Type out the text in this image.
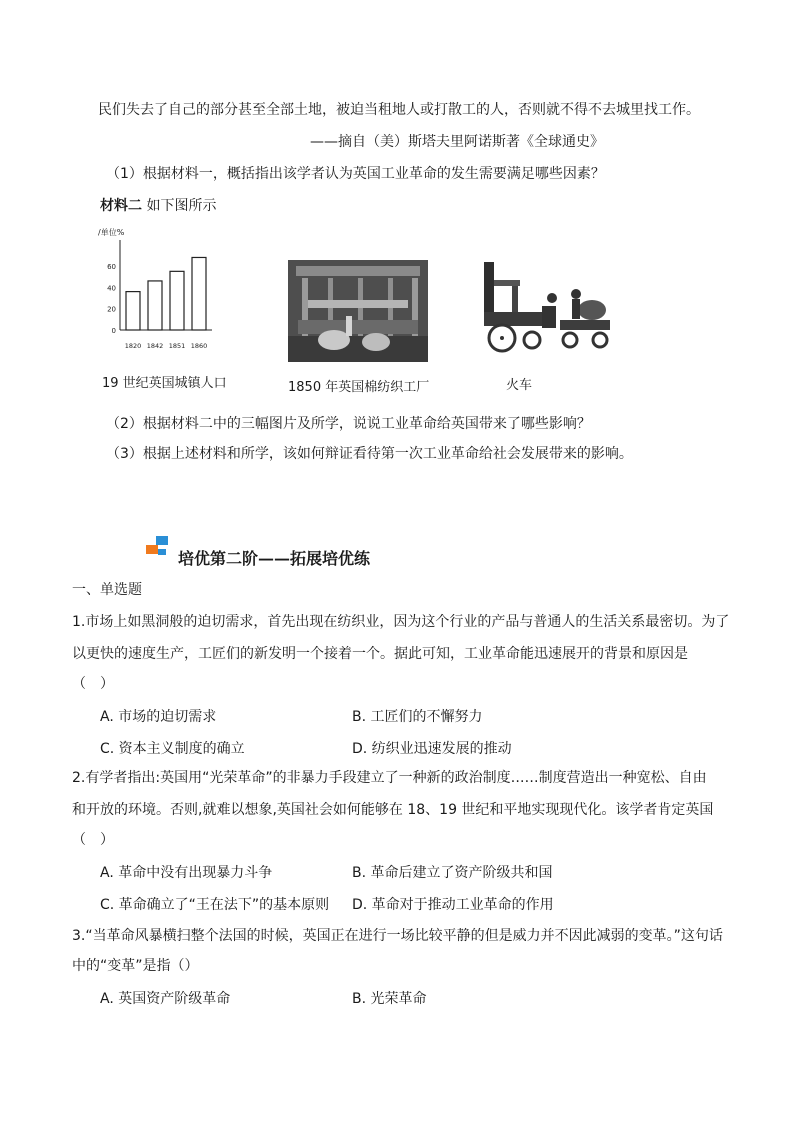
民们失去了自己的部分甚至全部土地，被迫当租地人或打散工的人，否则就不得不去城里找工作。
——摘自（美）斯塔夫里阿诺斯著《全球通史》
（1）根据材料一，概括指出该学者认为英国工业革命的发生需要满足哪些因素？
材料二 如下图所示
/单位%
0
20
40
60
1820 1842 1851 1860
19 世纪英国城镇人口	1850 年英国棉纺织工厂	火车
（2）根据材料二中的三幅图片及所学，说说工业革命给英国带来了哪些影响？
（3）根据上述材料和所学，该如何辩证看待第一次工业革命给社会发展带来的影响。
培优第二阶——拓展培优练
一、单选题
1.市场上如黑洞般的迫切需求，首先出现在纺织业，因为这个行业的产品与普通人的生活关系最密切。为了
以更快的速度生产，工匠们的新发明一个接着一个。据此可知，工业革命能迅速展开的背景和原因是
（　）
A. 市场的迫切需求	B. 工匠们的不懈努力
C. 资本主义制度的确立	D. 纺织业迅速发展的推动
2.有学者指出:英国用“光荣革命”的非暴力手段建立了一种新的政治制度‥‥‥制度营造出一种宽松、自由
和开放的环境。否则,就难以想象,英国社会如何能够在 18、19 世纪和平地实现现代化。该学者肯定英国
（　）
A. 革命中没有出现暴力斗争	B. 革命后建立了资产阶级共和国
C. 革命确立了“王在法下”的基本原则 D. 革命对于推动工业革命的作用
3.“当革命风暴横扫整个法国的时候，英国正在进行一场比较平静的但是威力并不因此减弱的变革。”这句话
中的“变革”是指（）
A. 英国资产阶级革命	B. 光荣革命
